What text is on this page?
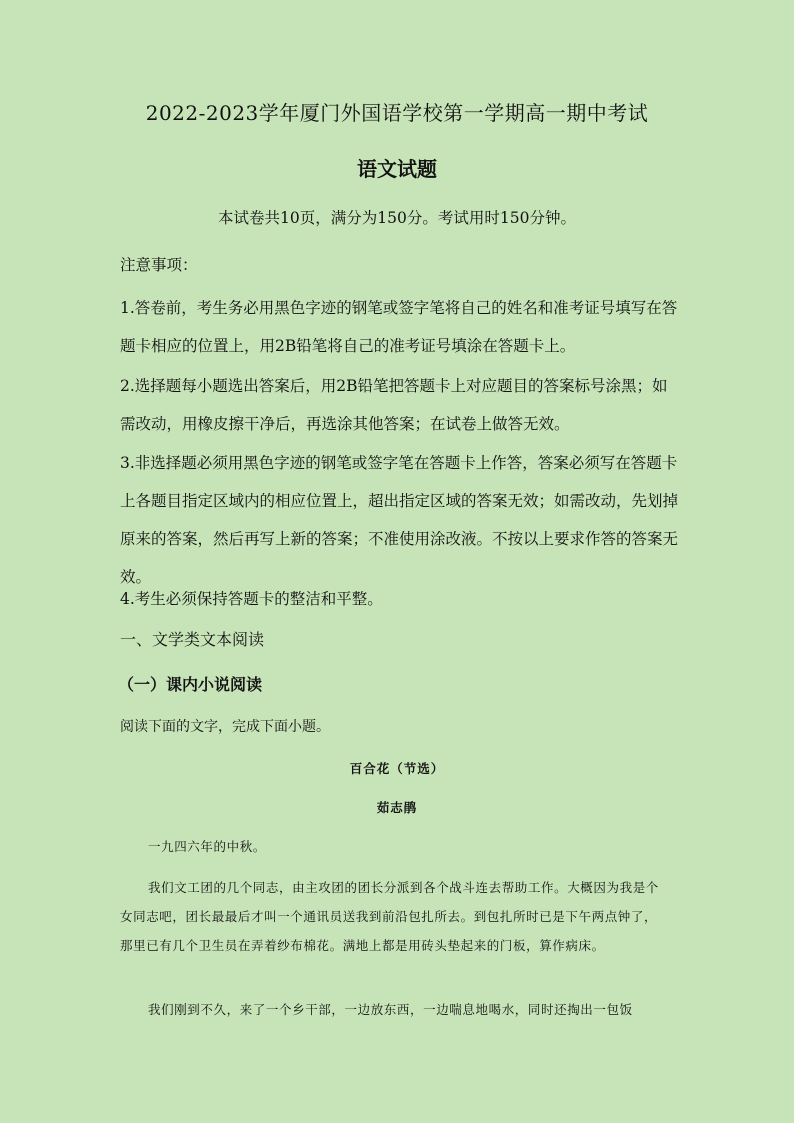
2022-2023学年厦门外国语学校第一学期高一期中考试
语文试题
本试卷共10页，满分为150分。考试用时150分钟。
注意事项：
1.答卷前，考生务必用黑色字迹的钢笔或签字笔将自己的姓名和准考证号填写在答题卡相应的位置上，用2B铅笔将自己的准考证号填涂在答题卡上。
2.选择题每小题选出答案后，用2B铅笔把答题卡上对应题目的答案标号涂黑；如需改动，用橡皮擦干净后，再选涂其他答案；在试卷上做答无效。
3.非选择题必须用黑色字迹的钢笔或签字笔在答题卡上作答，答案必须写在答题卡上各题目指定区域内的相应位置上，超出指定区域的答案无效；如需改动，先划掉原来的答案，然后再写上新的答案；不准使用涂改液。不按以上要求作答的答案无效。
4.考生必须保持答题卡的整洁和平整。
一、文学类文本阅读
（一）课内小说阅读
阅读下面的文字，完成下面小题。
百合花（节选）
茹志鹃
一九四六年的中秋。
我们文工团的几个同志，由主攻团的团长分派到各个战斗连去帮助工作。大概因为我是个女同志吧，团长最最后才叫一个通讯员送我到前沿包扎所去。到包扎所时已是下午两点钟了，那里已有几个卫生员在弄着纱布棉花。满地上都是用砖头垫起来的门板，算作病床。
我们刚到不久，来了一个乡干部，一边放东西，一边喘息地喝水，同时还掏出一包饭
